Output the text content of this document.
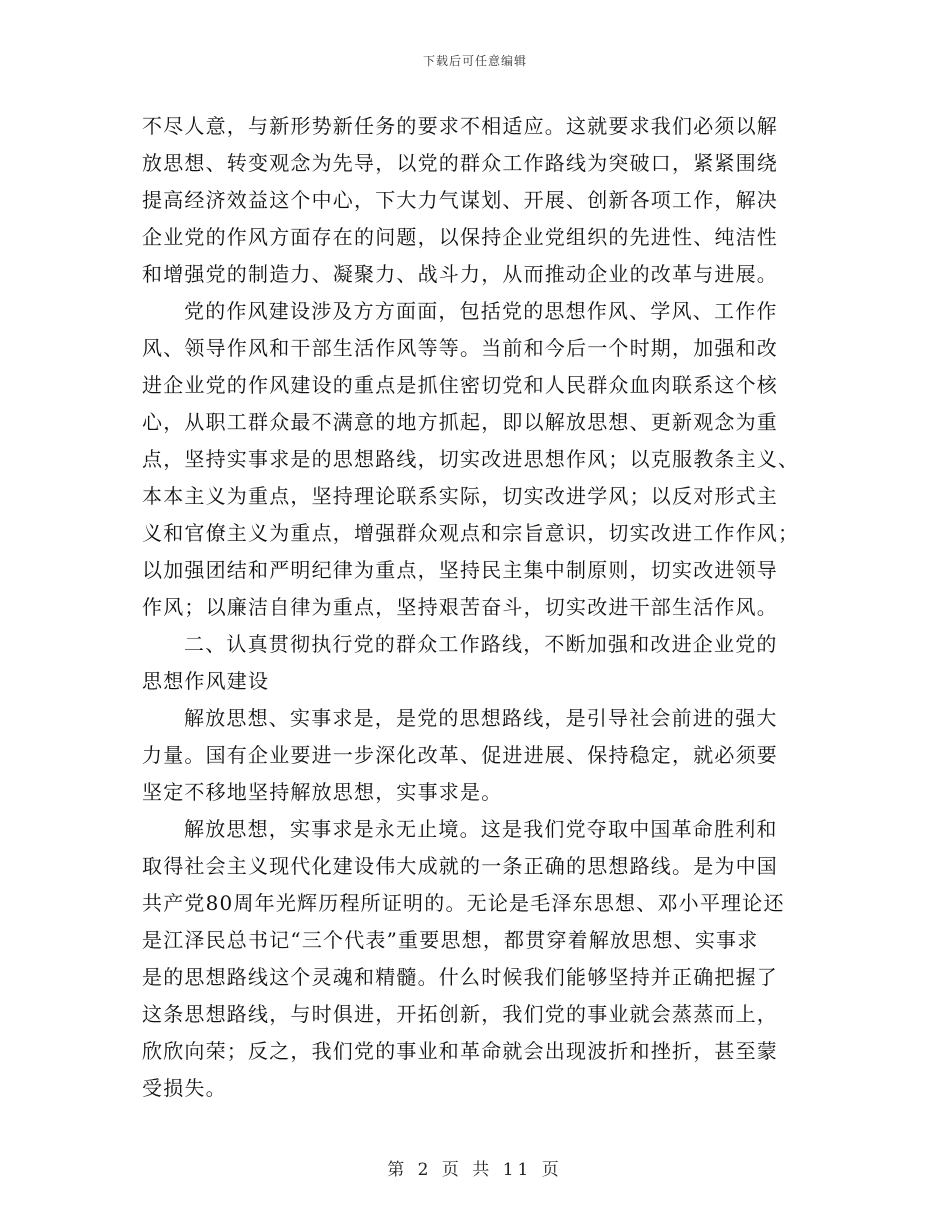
下载后可任意编辑
不尽人意，与新形势新任务的要求不相适应。这就要求我们必须以解
放思想、转变观念为先导，以党的群众工作路线为突破口，紧紧围绕
提高经济效益这个中心，下大力气谋划、开展、创新各项工作，解决
企业党的作风方面存在的问题，以保持企业党组织的先进性、纯洁性
和增强党的制造力、凝聚力、战斗力，从而推动企业的改革与进展。
党的作风建设涉及方方面面，包括党的思想作风、学风、工作作
风、领导作风和干部生活作风等等。当前和今后一个时期，加强和改
进企业党的作风建设的重点是抓住密切党和人民群众血肉联系这个核
心，从职工群众最不满意的地方抓起，即以解放思想、更新观念为重
点，坚持实事求是的思想路线，切实改进思想作风；以克服教条主义、
本本主义为重点，坚持理论联系实际，切实改进学风；以反对形式主
义和官僚主义为重点，增强群众观点和宗旨意识，切实改进工作作风；
以加强团结和严明纪律为重点，坚持民主集中制原则，切实改进领导
作风；以廉洁自律为重点，坚持艰苦奋斗，切实改进干部生活作风。
二、认真贯彻执行党的群众工作路线，不断加强和改进企业党的
思想作风建设
解放思想、实事求是，是党的思想路线，是引导社会前进的强大
力量。国有企业要进一步深化改革、促进进展、保持稳定，就必须要
坚定不移地坚持解放思想，实事求是。
解放思想，实事求是永无止境。这是我们党夺取中国革命胜利和
取得社会主义现代化建设伟大成就的一条正确的思想路线。是为中国
共产党80周年光辉历程所证明的。无论是毛泽东思想、邓小平理论还
是江泽民总书记“三个代表”重要思想，都贯穿着解放思想、实事求
是的思想路线这个灵魂和精髓。什么时候我们能够坚持并正确把握了
这条思想路线，与时俱进，开拓创新，我们党的事业就会蒸蒸而上，
欣欣向荣；反之，我们党的事业和革命就会出现波折和挫折，甚至蒙
受损失。
第 2 页 共 11 页
